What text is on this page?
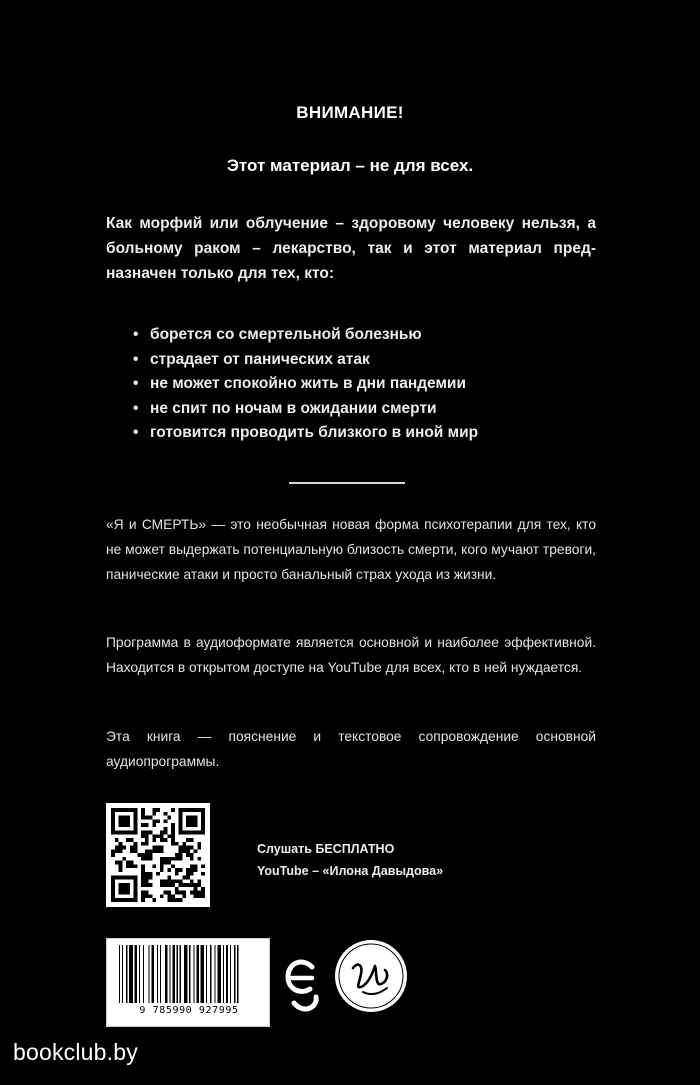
ВНИМАНИЕ!
Этот материал – не для всех.

Как морфий или облучение – здоровому человеку нельзя, а больному раком – лекарство, так и этот материал предназначен только для тех, кто:

• борется со смертельной болезнью
• страдает от панических атак
• не может спокойно жить в дни пандемии
• не спит по ночам в ожидании смерти
• готовится проводить близкого в иной мир

«Я и СМЕРТЬ» — это необычная новая форма психотерапии для тех, кто не может выдержать потенциальную близость смерти, кого мучают тревоги, панические атаки и просто банальный страх ухода из жизни.

Программа в аудиоформате является основной и наиболее эффективной. Находится в открытом доступе на YouTube для всех, кто в ней нуждается.

Эта книга — пояснение и текстовое сопровождение основной аудиопрограммы.

Слушать БЕСПЛАТНО
YouTube – «Илона Давыдова»
9 785990 927995
bookclub.by
